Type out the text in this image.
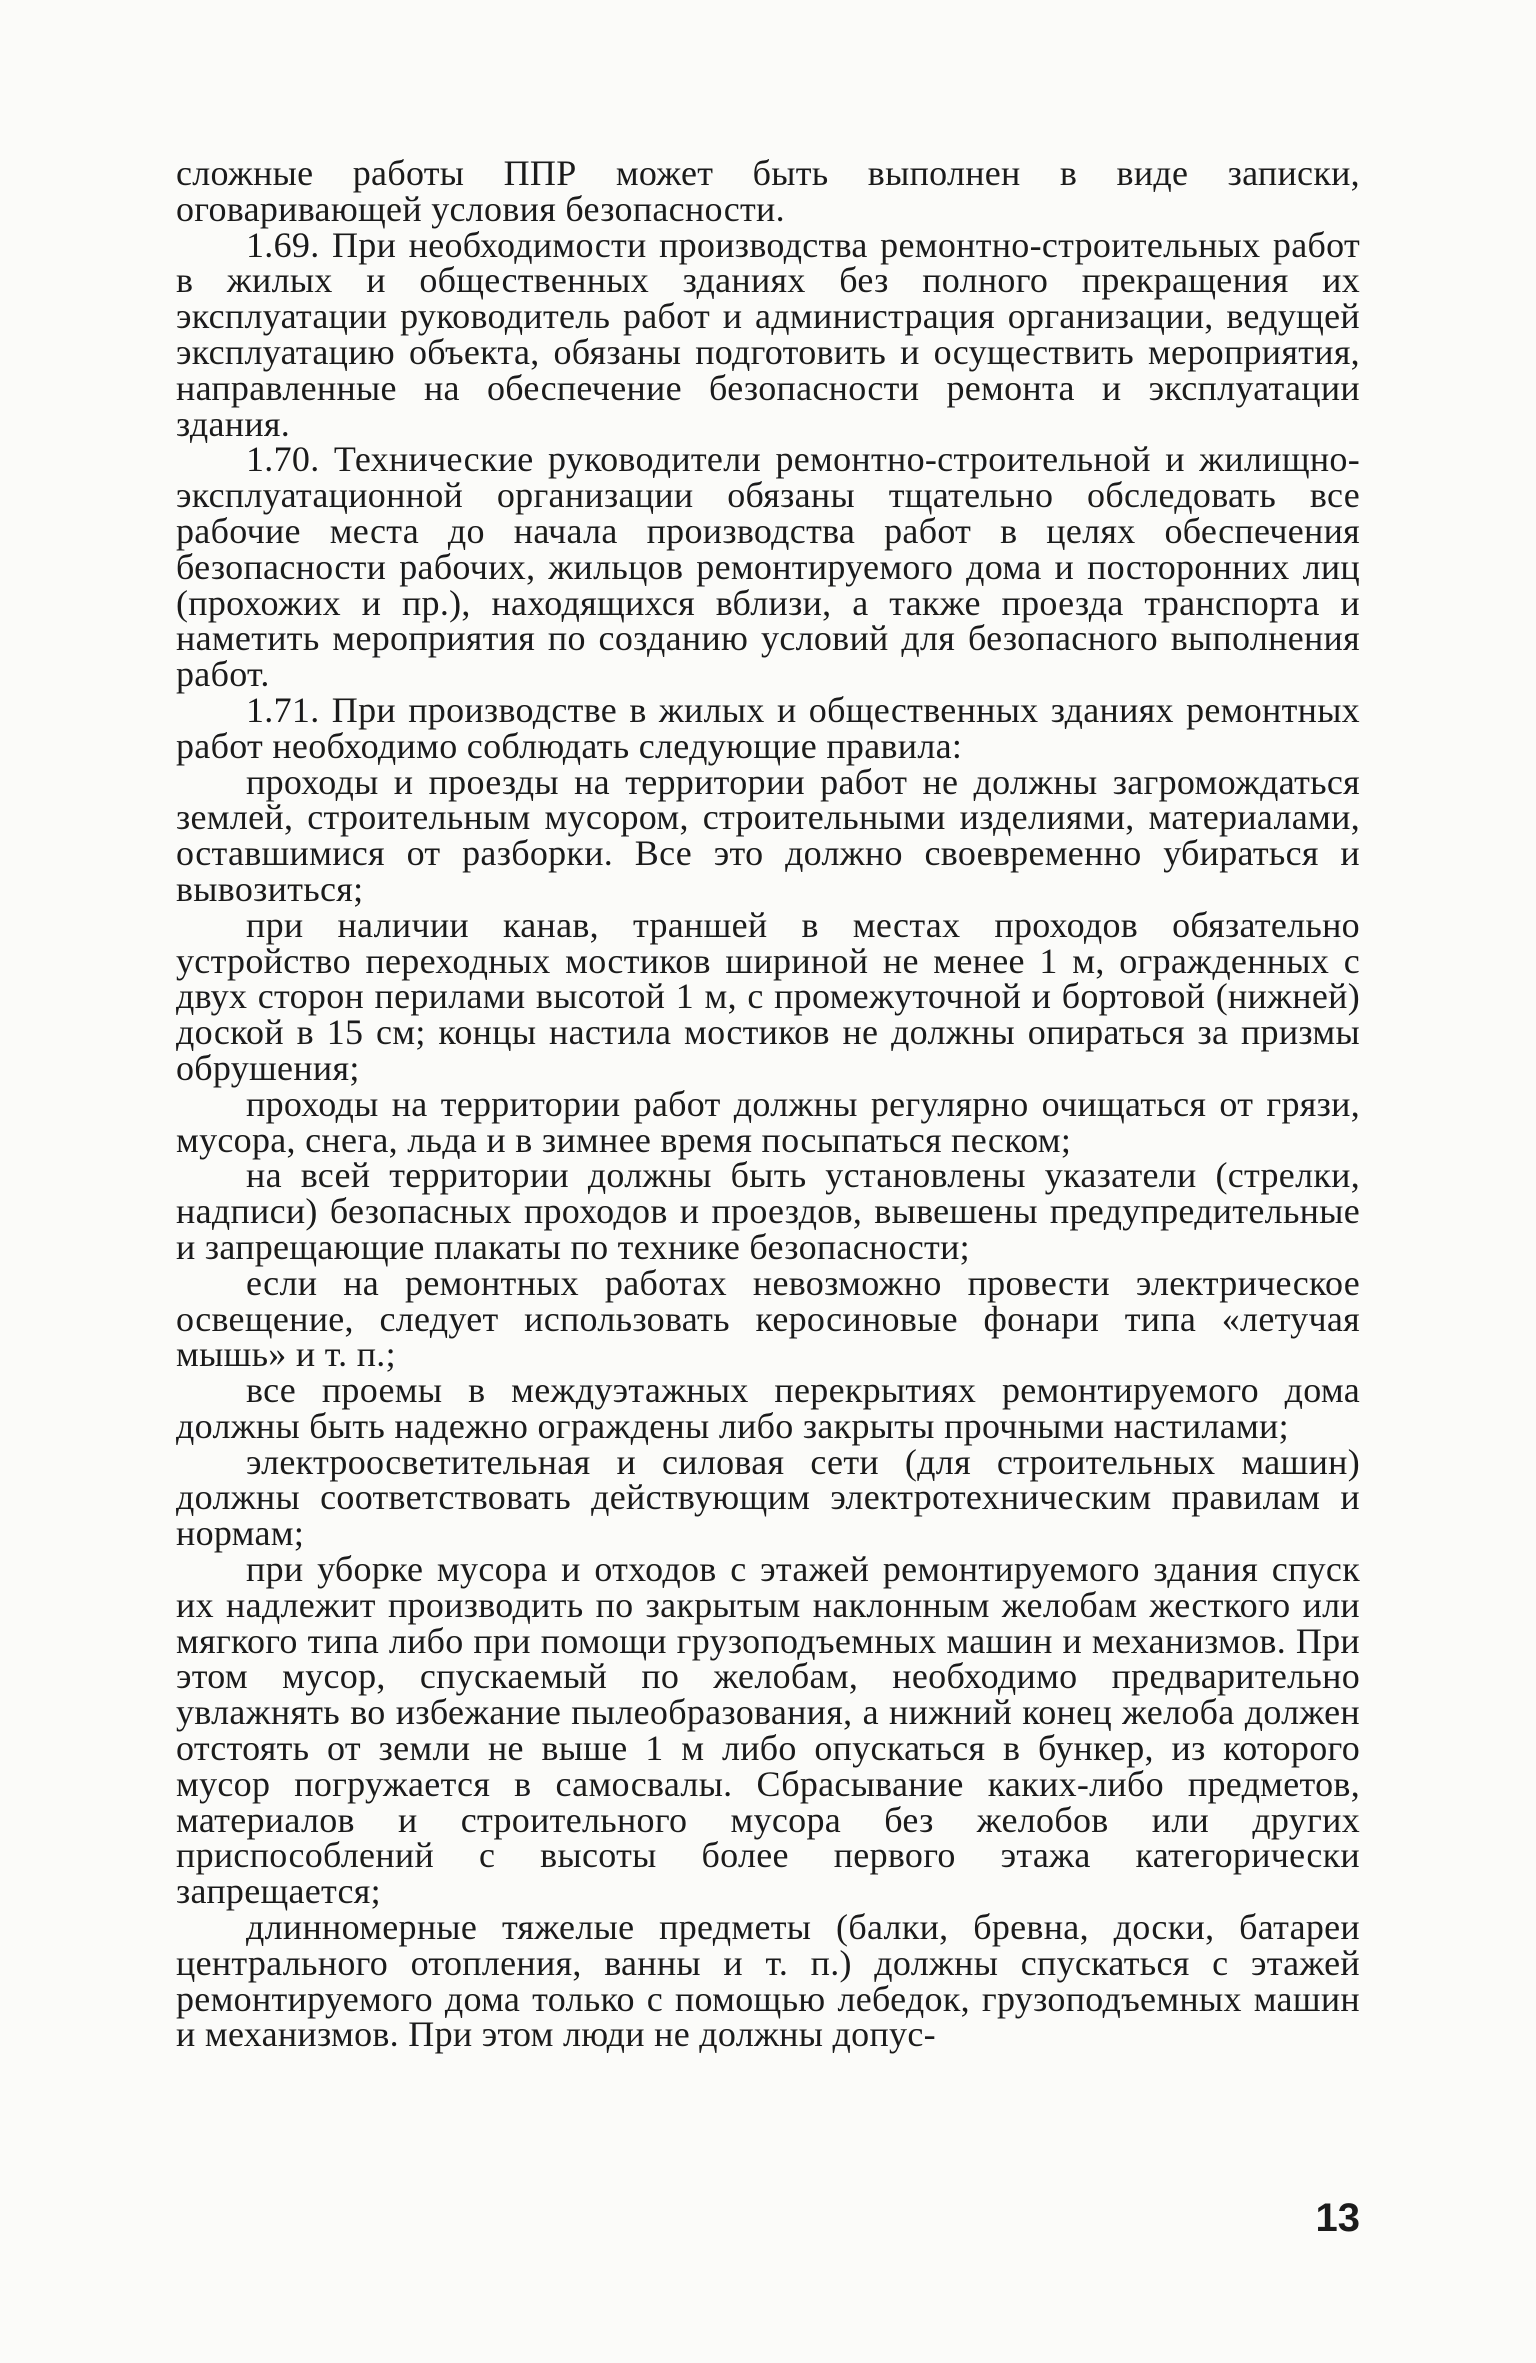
сложные работы ППР может быть выполнен в виде записки, оговаривающей условия безопасности.

1.69. При необходимости производства ремонтно-строительных работ в жилых и общественных зданиях без полного прекращения их эксплуатации руководитель работ и администрация организации, ведущей эксплуатацию объекта, обязаны подготовить и осуществить мероприятия, направленные на обеспечение безопасности ремонта и эксплуатации здания.

1.70. Технические руководители ремонтно-строительной и жилищно-эксплуатационной организации обязаны тщательно обследовать все рабочие места до начала производства работ в целях обеспечения безопасности рабочих, жильцов ремонтируемого дома и посторонних лиц (прохожих и пр.), находящихся вблизи, а также проезда транспорта и наметить мероприятия по созданию условий для безопасного выполнения работ.

1.71. При производстве в жилых и общественных зданиях ремонтных работ необходимо соблюдать следующие правила:

проходы и проезды на территории работ не должны загромождаться землей, строительным мусором, строительными изделиями, материалами, оставшимися от разборки. Все это должно своевременно убираться и вывозиться;

при наличии канав, траншей в местах проходов обязательно устройство переходных мостиков шириной не менее 1 м, огражденных с двух сторон перилами высотой 1 м, с промежуточной и бортовой (нижней) доской в 15 см; концы настила мостиков не должны опираться за призмы обрушения;

проходы на территории работ должны регулярно очищаться от грязи, мусора, снега, льда и в зимнее время посыпаться песком;

на всей территории должны быть установлены указатели (стрелки, надписи) безопасных проходов и проездов, вывешены предупредительные и запрещающие плакаты по технике безопасности;

если на ремонтных работах невозможно провести электрическое освещение, следует использовать керосиновые фонари типа «летучая мышь» и т. п.;

все проемы в междуэтажных перекрытиях ремонтируемого дома должны быть надежно ограждены либо закрыты прочными настилами;

электроосветительная и силовая сети (для строительных машин) должны соответствовать действующим электротехническим правилам и нормам;

при уборке мусора и отходов с этажей ремонтируемого здания спуск их надлежит производить по закрытым наклонным желобам жесткого или мягкого типа либо при помощи грузоподъемных машин и механизмов. При этом мусор, спускаемый по желобам, необходимо предварительно увлажнять во избежание пылеобразования, а нижний конец желоба должен отстоять от земли не выше 1 м либо опускаться в бункер, из которого мусор погружается в самосвалы. Сбрасывание каких-либо предметов, материалов и строительного мусора без желобов или других приспособлений с высоты более первого этажа категорически запрещается;

длинномерные тяжелые предметы (балки, бревна, доски, батареи центрального отопления, ванны и т. п.) должны спускаться с этажей ремонтируемого дома только с помощью лебедок, грузоподъемных машин и механизмов. При этом люди не должны допус-

13
